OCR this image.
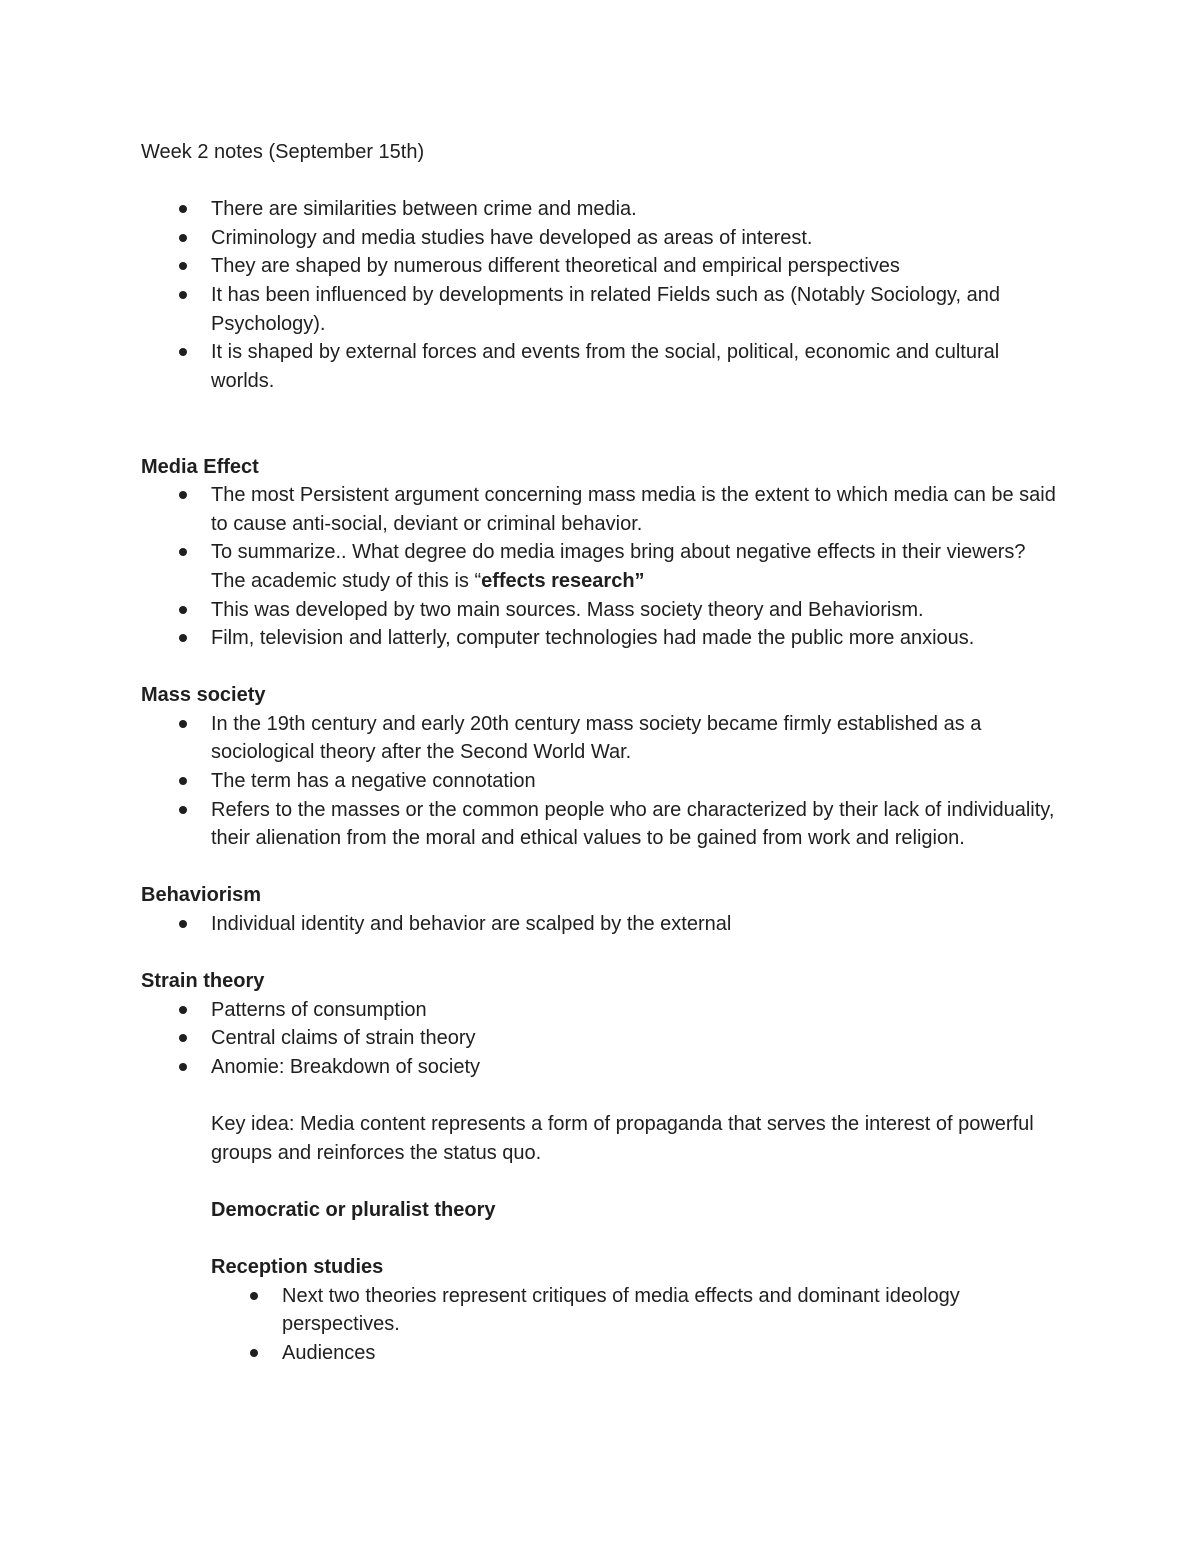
Week 2 notes (September 15th)

There are similarities between crime and media.
Criminology and media studies have developed as areas of interest.
They are shaped by numerous different theoretical and empirical perspectives
It has been influenced by developments in related Fields such as (Notably Sociology, and Psychology).
It is shaped by external forces and events from the social, political, economic and cultural worlds.

Media Effect

The most Persistent argument concerning mass media is the extent to which media can be said to cause anti-social, deviant or criminal behavior.
To summarize.. What degree do media images bring about negative effects in their viewers? The academic study of this is “effects research”
This was developed by two main sources. Mass society theory and Behaviorism.
Film, television and latterly, computer technologies had made the public more anxious.

Mass society

In the 19th century and early 20th century mass society became firmly established as a sociological theory after the Second World War.
The term has a negative connotation
Refers to the masses or the common people who are characterized by their lack of individuality, their alienation from the moral and ethical values to be gained from work and religion.

Behaviorism

Individual identity and behavior are scalped by the external

Strain theory

Patterns of consumption
Central claims of strain theory
Anomie: Breakdown of society

Key idea: Media content represents a form of propaganda that serves the interest of powerful groups and reinforces the status quo.

Democratic or pluralist theory

Reception studies

Next two theories represent critiques of media effects and dominant ideology perspectives.
Audiences
